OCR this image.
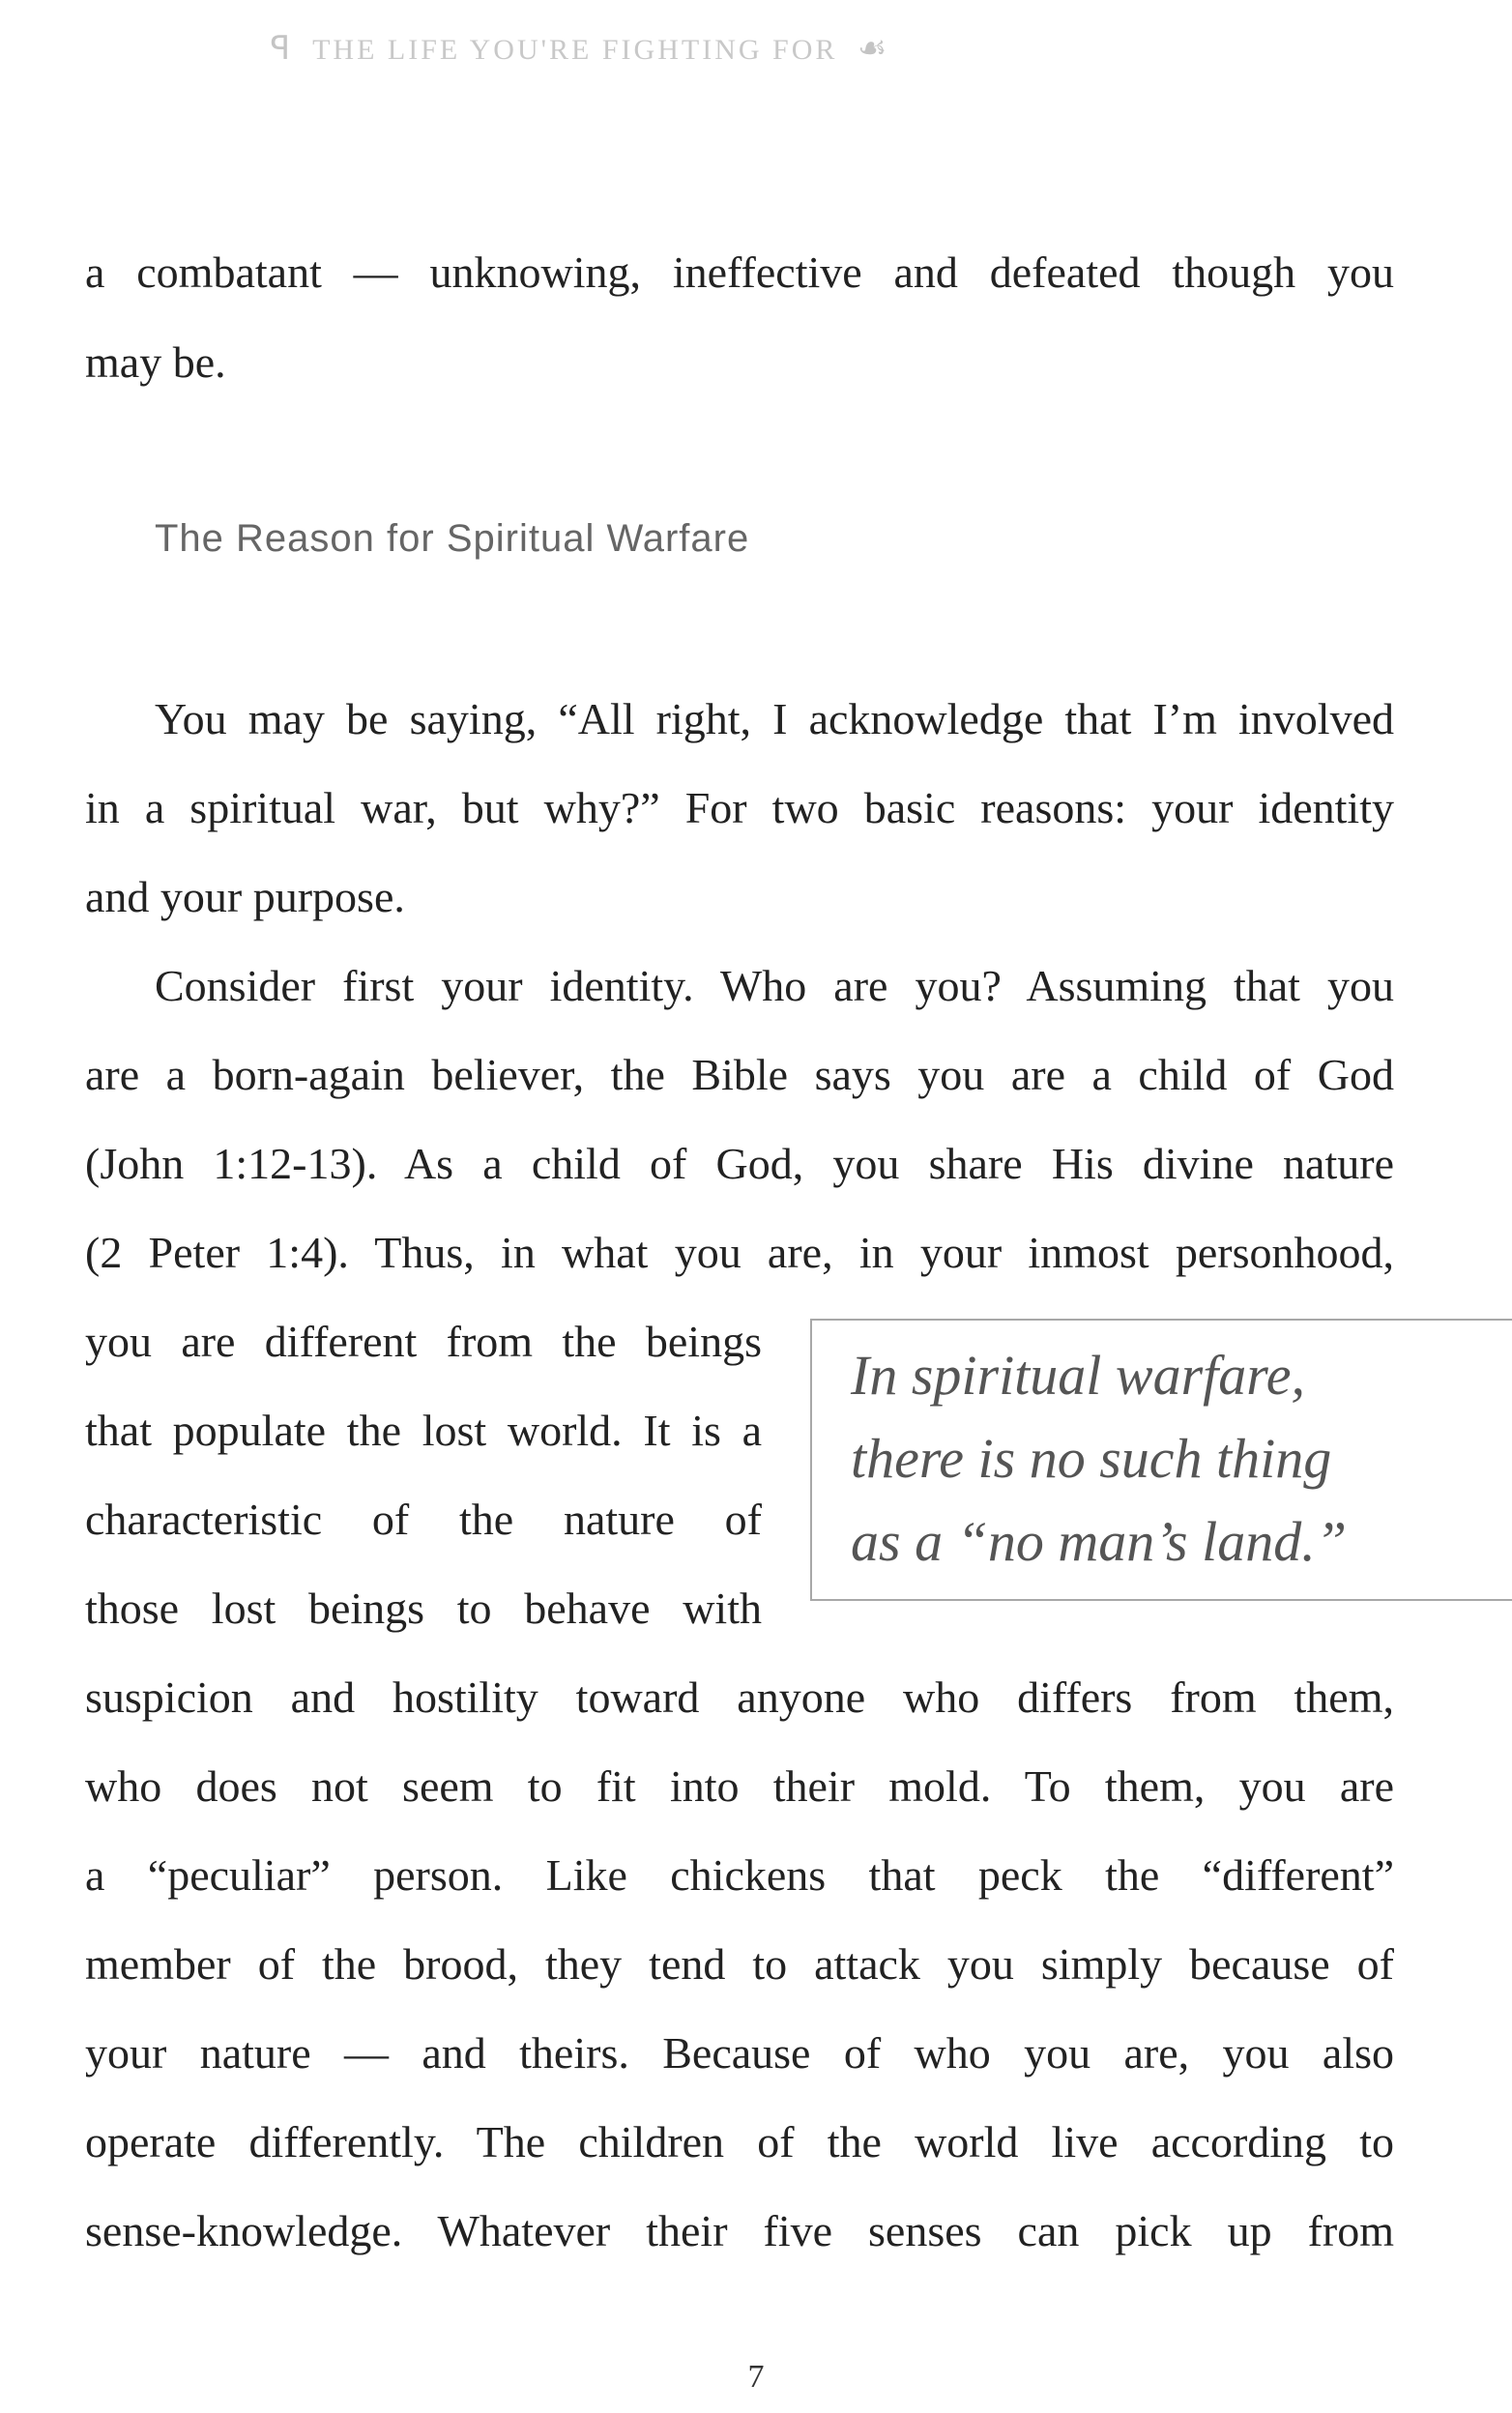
ꟼ THE LIFE YOU'RE FIGHTING FOR ☙
a combatant — unknowing, ineffective and defeated though you
may be.
The Reason for Spiritual Warfare
You may be saying, “All right, I acknowledge that I’m involved
in a spiritual war, but why?” For two basic reasons: your identity
and your purpose.
Consider first your identity. Who are you? Assuming that you
are a born-again believer, the Bible says you are a child of God
(John 1:12-13). As a child of God, you share His divine nature
(2 Peter 1:4). Thus, in what you are, in your inmost personhood,
you are different from the beings
that populate the lost world. It is a
characteristic of the nature of
those lost beings to behave with
In spiritual warfare,
there is no such thing
as a “no man’s land.”
suspicion and hostility toward anyone who differs from them,
who does not seem to fit into their mold. To them, you are
a “peculiar” person. Like chickens that peck the “different”
member of the brood, they tend to attack you simply because of
your nature — and theirs. Because of who you are, you also
operate differently. The children of the world live according to
sense-knowledge. Whatever their five senses can pick up from
7
